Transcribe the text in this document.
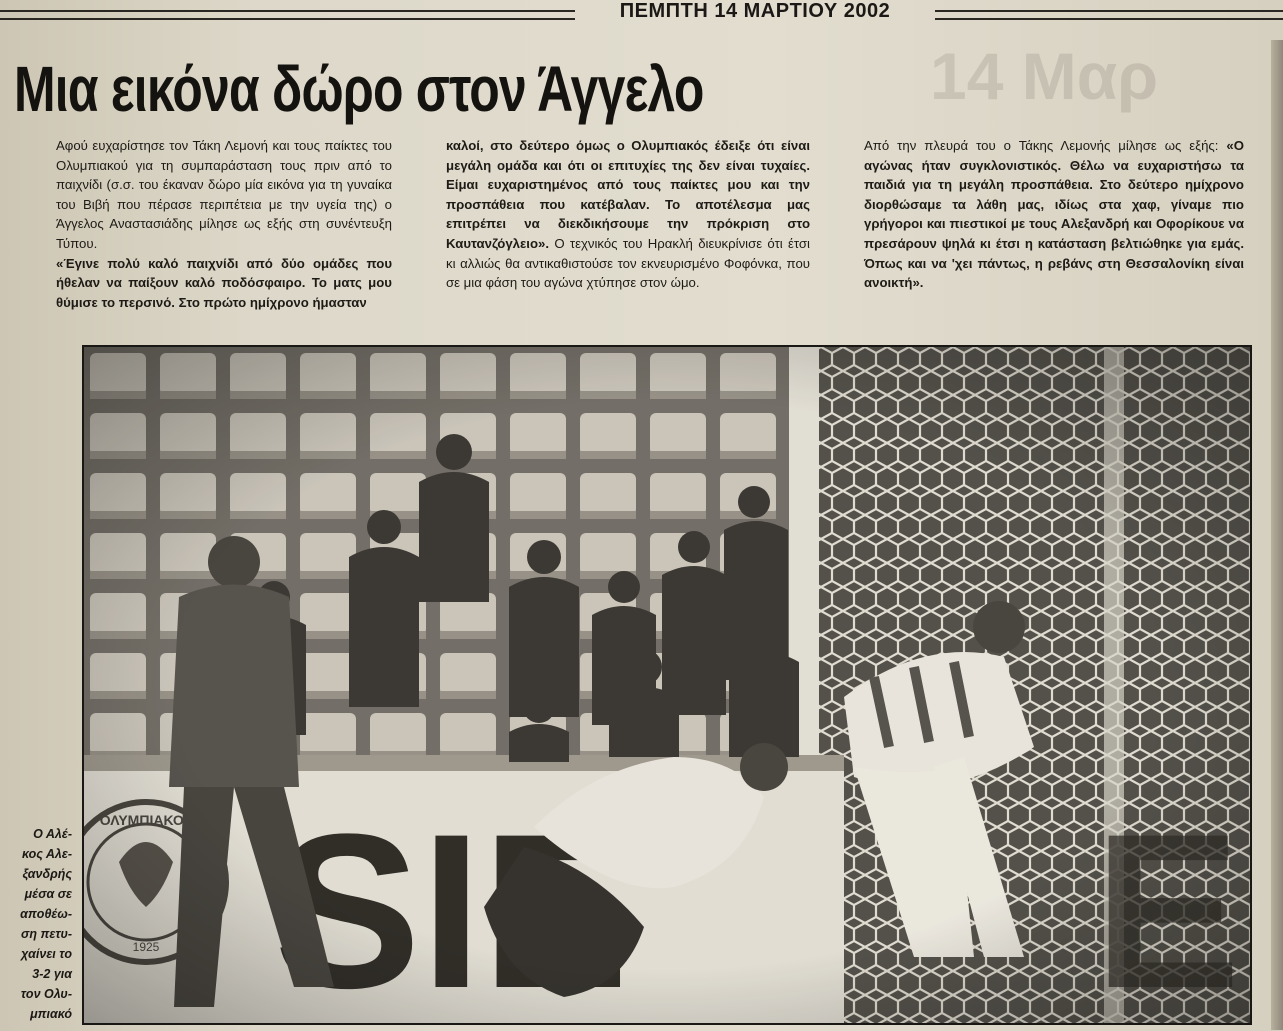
ΠΕΜΠΤΗ 14 ΜΑΡΤΙΟΥ 2002
14 Μαρ
Μια εικόνα δώρο στον Άγγελο

Αφού ευχαρίστησε τον Τάκη Λεμονή και τους παίκτες του Ολυμπιακού για τη συμπαράσταση τους πριν από το παιχνίδι (σ.σ. του έκαναν δώρο μία εικόνα για τη γυναίκα του Βιβή που πέρασε περιπέτεια με την υγεία της) ο Άγγελος Αναστασιάδης μίλησε ως εξής στη συνέντευξη Τύπου.
«Έγινε πολύ καλό παιχνίδι από δύο ομάδες που ήθελαν να παίξουν καλό ποδόσφαιρο. Το ματς μου θύμισε το περσινό. Στο πρώτο ημίχρονο ήμασταν

καλοί, στο δεύτερο όμως ο Ολυμπιακός έδειξε ότι είναι μεγάλη ομάδα και ότι οι επιτυχίες της δεν είναι τυχαίες. Είμαι ευχαριστημένος από τους παίκτες μου και την προσπάθεια που κατέβαλαν. Το αποτέλεσμα μας επιτρέπει να διεκδικήσουμε την πρόκριση στο Καυτανζόγλειο». Ο τεχνικός του Ηρακλή διευκρίνισε ότι έτσι κι αλλιώς θα αντικαθιστούσε τον εκνευρισμένο Φοφόνκα, που σε μια φάση του αγώνα χτύπησε στον ώμο.

Από την πλευρά του ο Τάκης Λεμονής μίλησε ως εξής: «Ο αγώνας ήταν συγκλονιστικός. Θέλω να ευχαριστήσω τα παιδιά για τη μεγάλη προσπάθεια. Στο δεύτερο ημίχρονο διορθώσαμε τα λάθη μας, ιδίως στα χαφ, γίναμε πιο γρήγοροι και πιεστικοί με τους Αλεξανδρή και Οφορίκουε να πρεσάρουν ψηλά κι έτσι η κατάσταση βελτιώθηκε για εμάς. Όπως και να 'χει πάντως, η ρεβάνς στη Θεσσαλονίκη είναι ανοικτή».

Ο Αλέ-
κος Αλε-
ξανδρής
μέσα σε
αποθέω-
ση πετυ-
χαίνει το
3-2 για
τον Ολυ-
μπιακό
